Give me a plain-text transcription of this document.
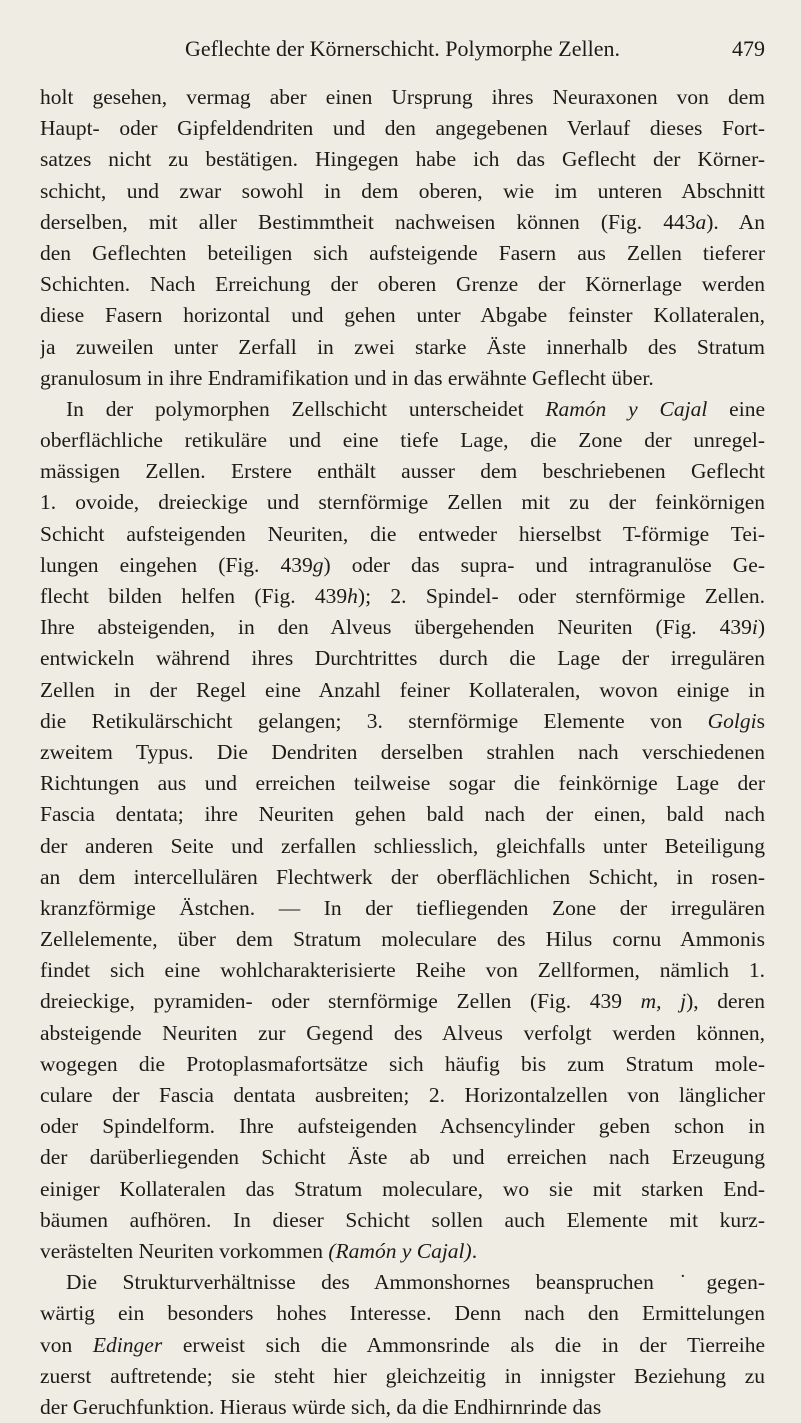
Geflechte der Körnerschicht. Polymorphe Zellen.	479
holt gesehen, vermag aber einen Ursprung ihres Neuraxonen von dem
Haupt- oder Gipfeldendriten und den angegebenen Verlauf dieses Fort-
satzes nicht zu bestätigen. Hingegen habe ich das Geflecht der Körner-
schicht, und zwar sowohl in dem oberen, wie im unteren Abschnitt
derselben, mit aller Bestimmtheit nachweisen können (Fig. 443a). An
den Geflechten beteiligen sich aufsteigende Fasern aus Zellen tieferer
Schichten. Nach Erreichung der oberen Grenze der Körnerlage werden
diese Fasern horizontal und gehen unter Abgabe feinster Kollateralen,
ja zuweilen unter Zerfall in zwei starke Äste innerhalb des Stratum
granulosum in ihre Endramifikation und in das erwähnte Geflecht über.
In der polymorphen Zellschicht unterscheidet Ramón y Cajal eine
oberflächliche retikuläre und eine tiefe Lage, die Zone der unregel-
mässigen Zellen. Erstere enthält ausser dem beschriebenen Geflecht
1. ovoide, dreieckige und sternförmige Zellen mit zu der feinkörnigen
Schicht aufsteigenden Neuriten, die entweder hierselbst T-förmige Tei-
lungen eingehen (Fig. 439g) oder das supra- und intragranulöse Ge-
flecht bilden helfen (Fig. 439h); 2. Spindel- oder sternförmige Zellen.
Ihre absteigenden, in den Alveus übergehenden Neuriten (Fig. 439i)
entwickeln während ihres Durchtrittes durch die Lage der irregulären
Zellen in der Regel eine Anzahl feiner Kollateralen, wovon einige in
die Retikulärschicht gelangen; 3. sternförmige Elemente von Golgis
zweitem Typus. Die Dendriten derselben strahlen nach verschiedenen
Richtungen aus und erreichen teilweise sogar die feinkörnige Lage der
Fascia dentata; ihre Neuriten gehen bald nach der einen, bald nach
der anderen Seite und zerfallen schliesslich, gleichfalls unter Beteiligung
an dem intercellulären Flechtwerk der oberflächlichen Schicht, in rosen-
kranzförmige Ästchen. — In der tiefliegenden Zone der irregulären
Zellelemente, über dem Stratum moleculare des Hilus cornu Ammonis
findet sich eine wohlcharakterisierte Reihe von Zellformen, nämlich 1.
dreieckige, pyramiden- oder sternförmige Zellen (Fig. 439 m, j), deren
absteigende Neuriten zur Gegend des Alveus verfolgt werden können,
wogegen die Protoplasmafortsätze sich häufig bis zum Stratum mole-
culare der Fascia dentata ausbreiten; 2. Horizontalzellen von länglicher
oder Spindelform. Ihre aufsteigenden Achsencylinder geben schon in
der darüberliegenden Schicht Äste ab und erreichen nach Erzeugung
einiger Kollateralen das Stratum moleculare, wo sie mit starken End-
bäumen aufhören. In dieser Schicht sollen auch Elemente mit kurz-
verästelten Neuriten vorkommen (Ramón y Cajal).
Die Strukturverhältnisse des Ammonshornes beanspruchen ˙gegen-
wärtig ein besonders hohes Interesse. Denn nach den Ermittelungen
von Edinger erweist sich die Ammonsrinde als die in der Tierreihe
zuerst auftretende; sie steht hier gleichzeitig in innigster Beziehung zu
der Geruchfunktion. Hieraus würde sich, da die Endhirnrinde das
